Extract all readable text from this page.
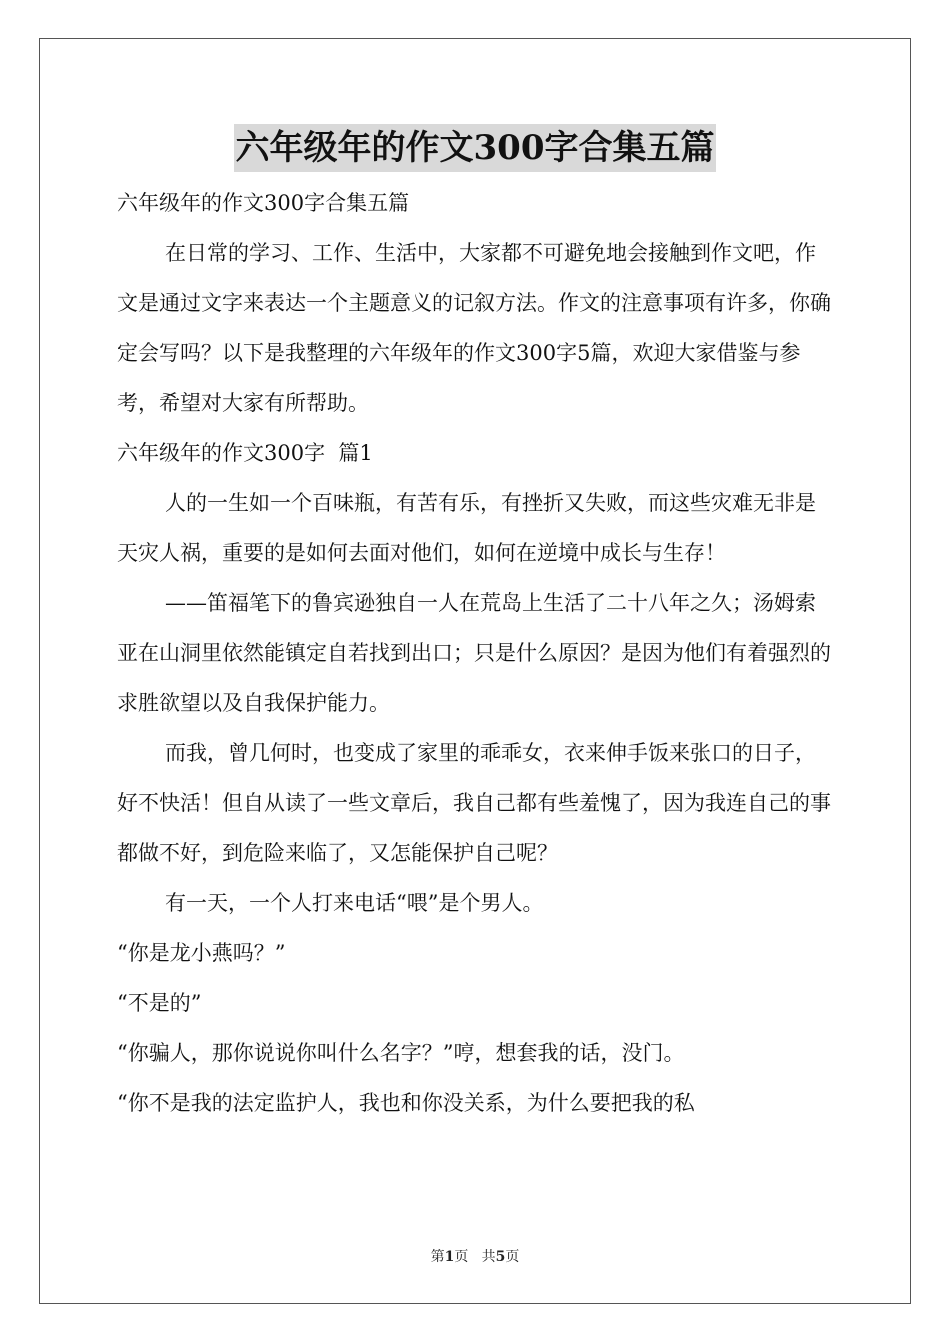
六年级年的作文300字合集五篇

六年级年的作文300字合集五篇

在日常的学习、工作、生活中，大家都不可避免地会接触到作文吧，作文是通过文字来表达一个主题意义的记叙方法。作文的注意事项有许多，你确定会写吗？以下是我整理的六年级年的作文300字5篇，欢迎大家借鉴与参考，希望对大家有所帮助。

六年级年的作文300字  篇1

人的一生如一个百味瓶，有苦有乐，有挫折又失败，而这些灾难无非是天灾人祸，重要的是如何去面对他们，如何在逆境中成长与生存！

——笛福笔下的鲁宾逊独自一人在荒岛上生活了二十八年之久；汤姆索亚在山洞里依然能镇定自若找到出口；只是什么原因？是因为他们有着强烈的求胜欲望以及自我保护能力。

而我，曾几何时，也变成了家里的乖乖女，衣来伸手饭来张口的日子，好不快活！但自从读了一些文章后，我自己都有些羞愧了，因为我连自己的事都做不好，到危险来临了，又怎能保护自己呢？

有一天，一个人打来电话“喂”是个男人。

“你是龙小燕吗？”

“不是的”

“你骗人，那你说说你叫什么名字？”哼，想套我的话，没门。

“你不是我的法定监护人，我也和你没关系，为什么要把我的私

第1页 共5页
